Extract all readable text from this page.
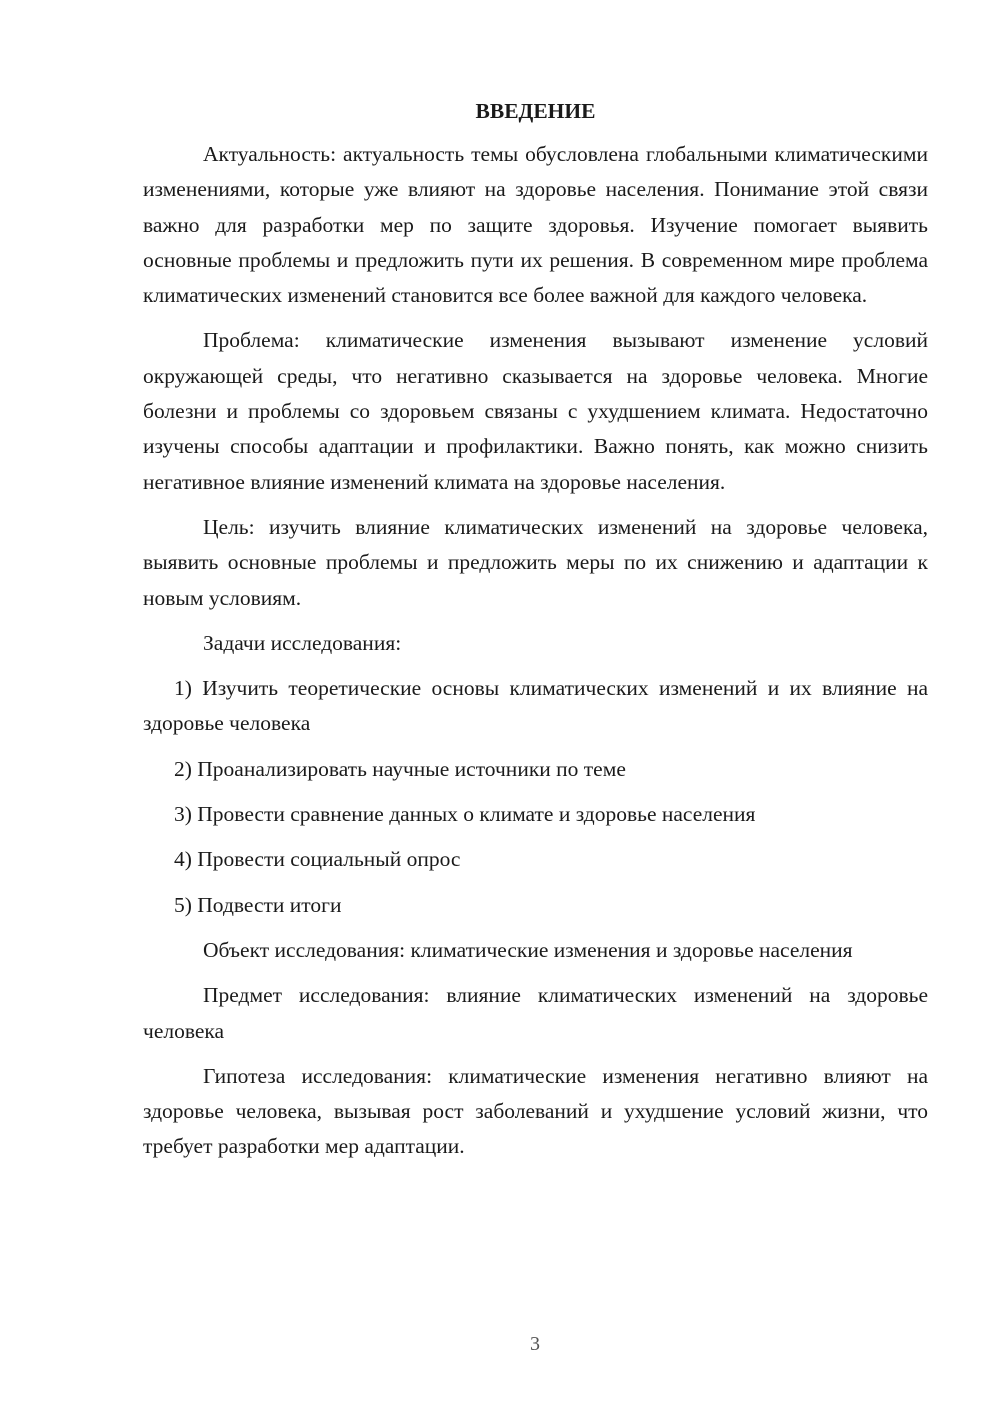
ВВЕДЕНИЕ

Актуальность: актуальность темы обусловлена глобальными климатическими изменениями, которые уже влияют на здоровье населения. Понимание этой связи важно для разработки мер по защите здоровья. Изучение помогает выявить основные проблемы и предложить пути их решения. В современном мире проблема климатических изменений становится все более важной для каждого человека.

Проблема: климатические изменения вызывают изменение условий окружающей среды, что негативно сказывается на здоровье человека. Многие болезни и проблемы со здоровьем связаны с ухудшением климата. Недостаточно изучены способы адаптации и профилактики. Важно понять, как можно снизить негативное влияние изменений климата на здоровье населения.

Цель: изучить влияние климатических изменений на здоровье человека, выявить основные проблемы и предложить меры по их снижению и адаптации к новым условиям.

Задачи исследования:

1) Изучить теоретические основы климатических изменений и их влияние на здоровье человека

2) Проанализировать научные источники по теме

3) Провести сравнение данных о климате и здоровье населения

4) Провести социальный опрос

5) Подвести итоги

Объект исследования: климатические изменения и здоровье населения

Предмет исследования: влияние климатических изменений на здоровье человека

Гипотеза исследования: климатические изменения негативно влияют на здоровье человека, вызывая рост заболеваний и ухудшение условий жизни, что требует разработки мер адаптации.

3
